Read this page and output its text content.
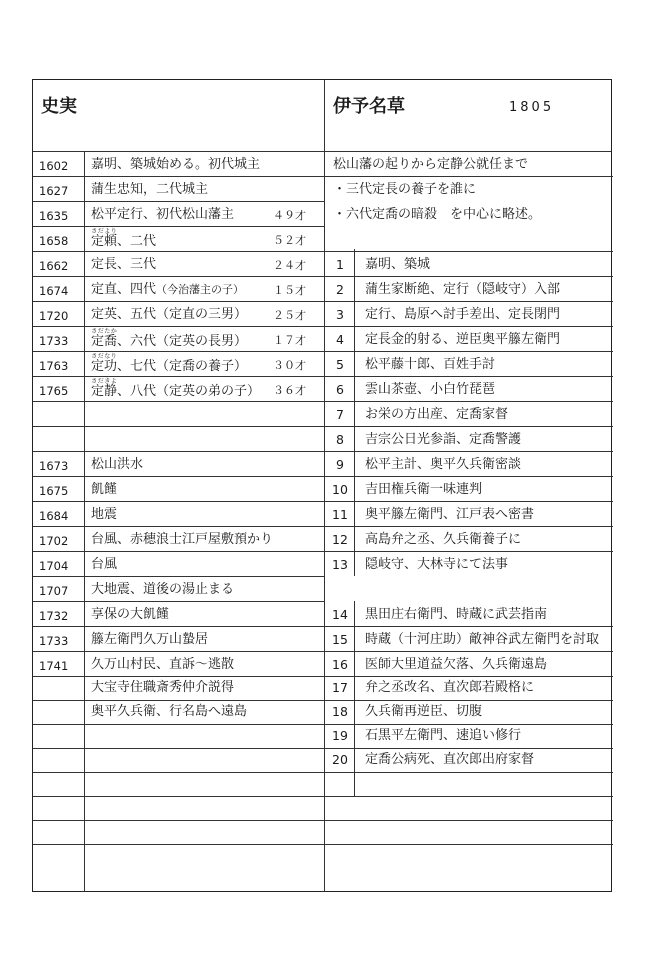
史実	伊予名草	1805
松山藩の起りから定静公就任まで
・三代定長の養子を誰に
・六代定喬の暗殺　を中心に略述。
1602 嘉明、築城始める。初代城主
1627 蒲生忠知，二代城主
1635 松平定行、初代松山藩主	４９才
1658 定頼さだより、二代	５２才
1662 定長、三代	２４才
1674 定直、四代（今治藩主の子）	１５才
1720 定英、五代（定直の三男） ２５才
1733 定喬さだたか、六代（定英の長男） １７才
1763 定功さだなり、七代（定喬の養子） ３０才
1765 定静さだきよ、八代（定英の弟の子） ３６才
1673 松山洪水
1675 飢饉
1684 地震
1702 台風、赤穂浪士江戸屋敷預かり
1704 台風
1707 大地震、道後の湯止まる
1732 享保の大飢饉
1733 籐左衛門久万山蟄居
1741 久万山村民、直訴～逃散
大宝寺住職斎秀仲介説得
奥平久兵衛、行名島へ遠島
1 嘉明、築城
2 蒲生家断絶、定行（隠岐守）入部
3 定行、島原へ討手差出、定長閉門
4 定長金的射る、逆臣奥平籐左衛門
5 松平藤十郎、百姓手討
6 雲山茶壺、小白竹琵琶
7 お栄の方出産、定喬家督
8 吉宗公日光参詣、定喬警護
9 松平主計、奥平久兵衛密談
10 吉田権兵衛一味連判
11 奥平籐左衛門、江戸表へ密書
12 高島弁之丞、久兵衛養子に
13 隠岐守、大林寺にて法事
14 黒田庄右衛門、時蔵に武芸指南
15 時蔵（十河庄助）敵神谷武左衛門を討取
16 医師大里道益欠落、久兵衛遠島
17 弁之丞改名、直次郎若殿格に
18 久兵衛再逆臣、切腹
19 石黒平左衛門、速追い修行
20 定喬公病死、直次郎出府家督
